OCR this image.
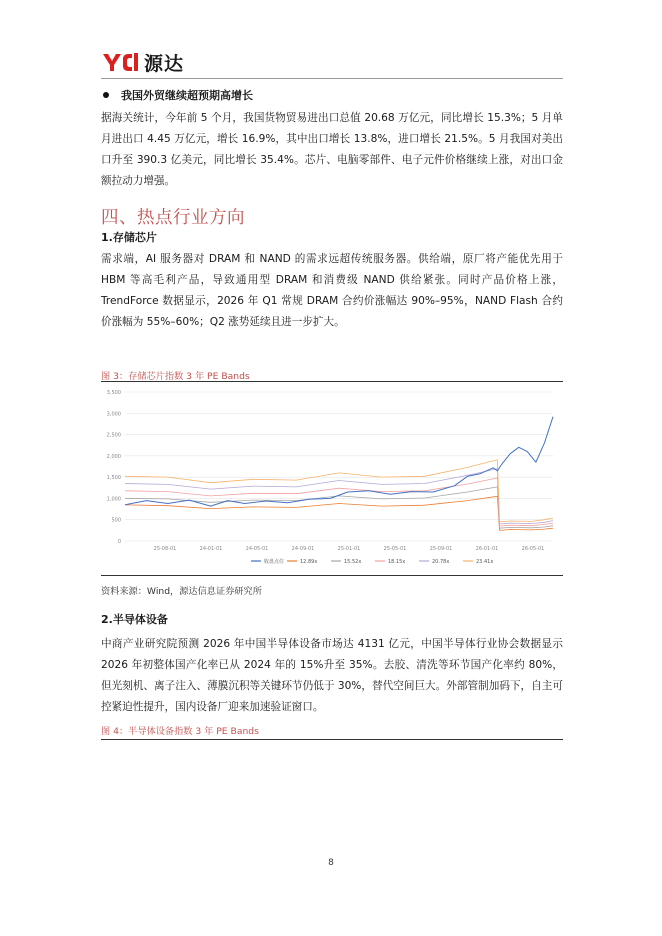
源达
我国外贸继续超预期高增长

据海关统计，今年前 5 个月，我国货物贸易进出口总值 20.68 万亿元，同比增长 15.3%；5 月单月进出口 4.45 万亿元，增长 16.9%，其中出口增长 13.8%，进口增长 21.5%。5 月我国对美出口升至 390.3 亿美元，同比增长 35.4%。芯片、电脑零部件、电子元件价格继续上涨，对出口金额拉动力增强。

四、热点行业方向
1.存储芯片

需求端，AI 服务器对 DRAM 和 NAND 的需求远超传统服务器。供给端，原厂将产能优先用于 HBM 等高毛利产品，导致通用型 DRAM 和消费级 NAND 供给紧张。同时产品价格上涨，TrendForce 数据显示，2026 年 Q1 常规 DRAM 合约价涨幅达 90%–95%，NAND Flash 合约价涨幅为 55%–60%；Q2 涨势延续且进一步扩大。

图 3：存储芯片指数 3 年 PE Bands

0
500
1,000
1,500
2,000
2,500
3,000
3,500
25-08-01	24-01-01	24-05-01	24-09-01	25-01-01	25-05-01	25-09-01	26-01-01	26-05-01
收盘点位	12.89x	15.52x	18.15x	20.78x	23.41x

资料来源：Wind，源达信息证券研究所

2.半导体设备

中商产业研究院预测 2026 年中国半导体设备市场达 4131 亿元，中国半导体行业协会数据显示 2026 年初整体国产化率已从 2024 年的 15%升至 35%。去胶、清洗等环节国产化率约 80%，但光刻机、离子注入、薄膜沉积等关键环节仍低于 30%，替代空间巨大。外部管制加码下，自主可控紧迫性提升，国内设备厂迎来加速验证窗口。

图 4：半导体设备指数 3 年 PE Bands

8
